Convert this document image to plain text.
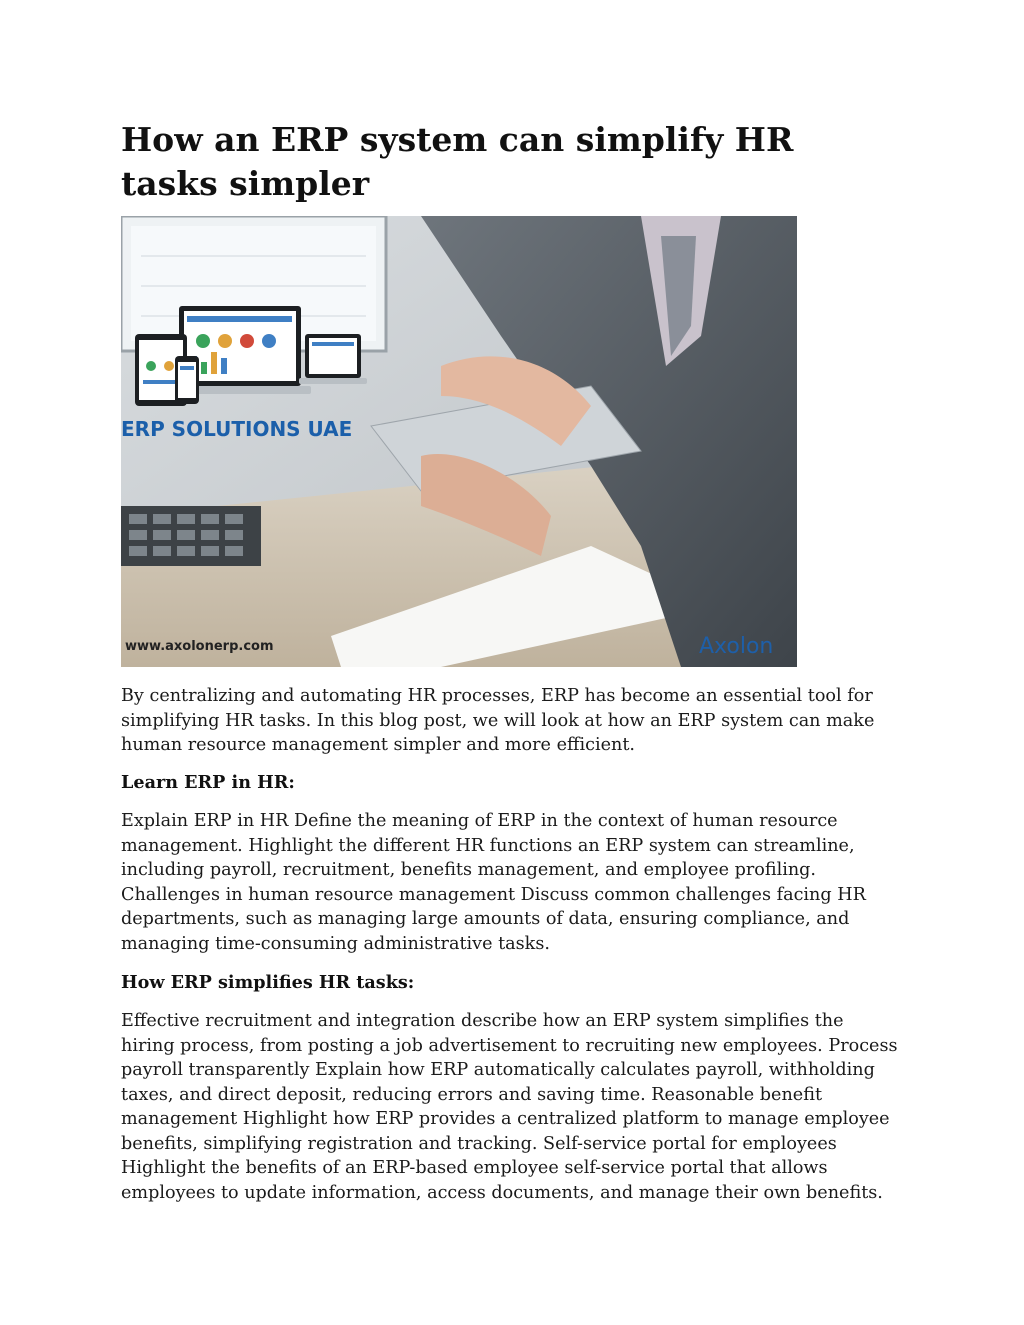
How an ERP system can simplify HR tasks simpler
ERP SOLUTIONS UAE
www.axolonerp.com	Axolon

By centralizing and automating HR processes, ERP has become an essential tool for simplifying HR tasks. In this blog post, we will look at how an ERP system can make human resource management simpler and more efficient.

Learn ERP in HR:

Explain ERP in HR Define the meaning of ERP in the context of human resource management. Highlight the different HR functions an ERP system can streamline, including payroll, recruitment, benefits management, and employee profiling. Challenges in human resource management Discuss common challenges facing HR departments, such as managing large amounts of data, ensuring compliance, and managing time-consuming administrative tasks.

How ERP simplifies HR tasks:

Effective recruitment and integration describe how an ERP system simplifies the hiring process, from posting a job advertisement to recruiting new employees. Process payroll transparently Explain how ERP automatically calculates payroll, withholding taxes, and direct deposit, reducing errors and saving time. Reasonable benefit management Highlight how ERP provides a centralized platform to manage employee benefits, simplifying registration and tracking. Self-service portal for employees Highlight the benefits of an ERP-based employee self-service portal that allows employees to update information, access documents, and manage their own benefits.
